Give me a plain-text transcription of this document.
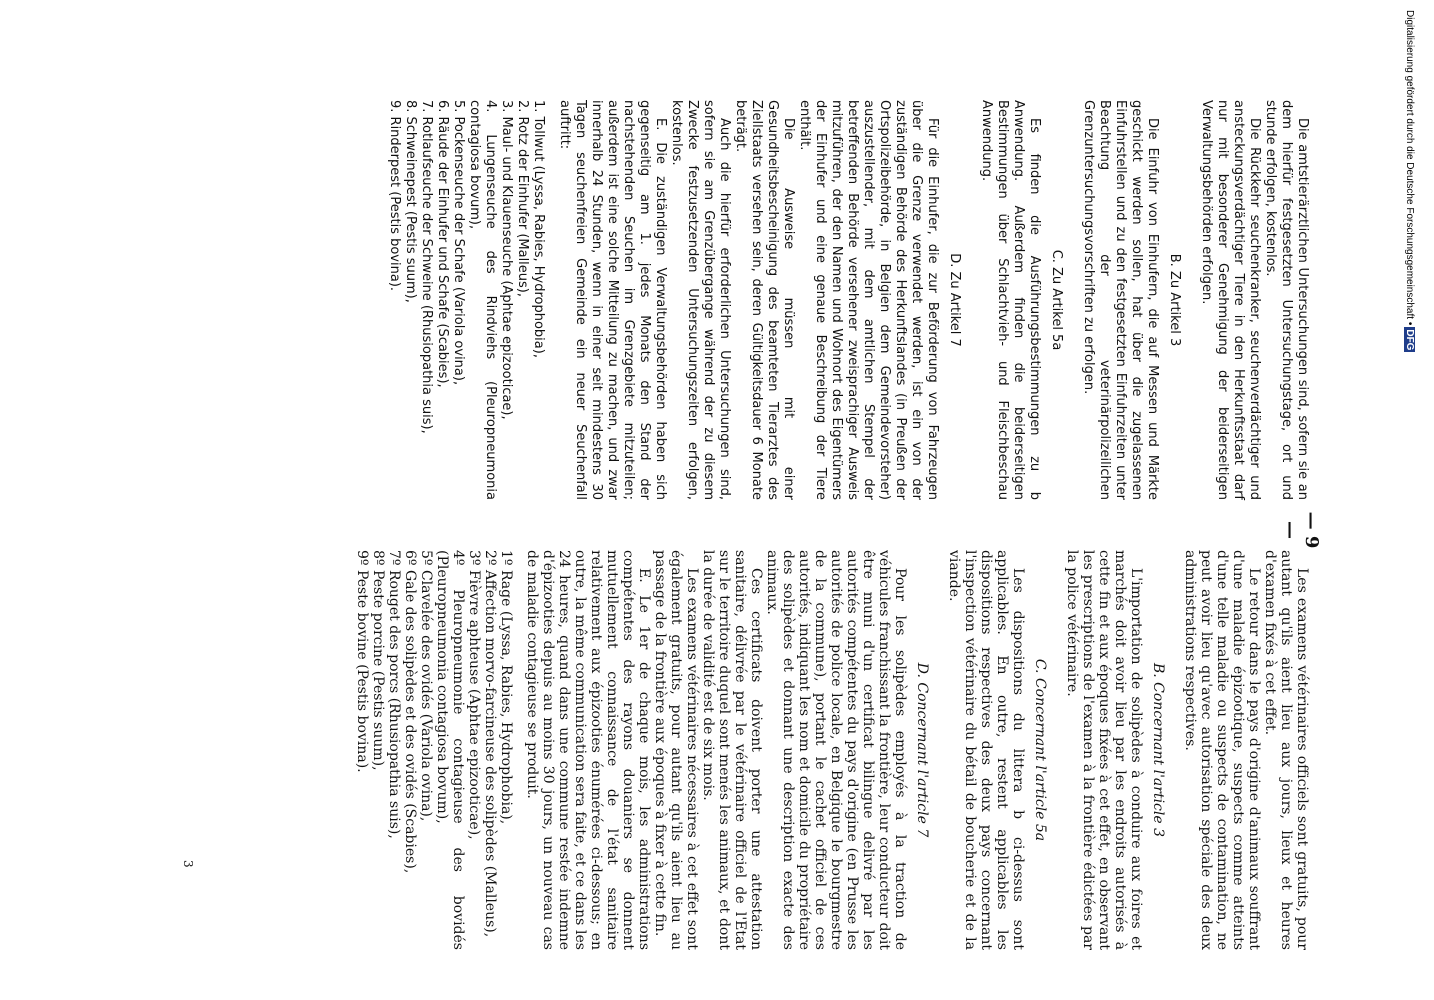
— 9 —

Die amtstierärztlichen Untersuchungen sind, sofern sie an dem hierfür festgesetzten Untersuchungstage, ort und stunde erfolgen, kostenlos.

Die Rückkehr seuchenkranker, seuchenverdächtiger und ansteckungsverdächtiger Tiere in den Herkunftsstaat darf nur mit besonderer Genehmigung der beiderseitigen Verwaltungsbehörden erfolgen.

B. Zu Artikel 3

Die Einfuhr von Einhufern, die auf Messen und Märkte geschickt werden sollen, hat über die zugelassenen Einfuhrstellen und zu den festgesetzten Einfuhrzeiten unter Beachtung der veterinärpolizeilichen Grenzuntersuchungsvorschriften zu erfolgen.

C. Zu Artikel 5a

Es finden die Ausführungsbestimmungen zu b Anwendung. Außerdem finden die beiderseitigen Bestimmungen über Schlachtvieh- und Fleischbeschau Anwendung.

D. Zu Artikel 7

Für die Einhufer, die zur Beförderung von Fahrzeugen über die Grenze verwendet werden, ist ein von der zuständigen Behörde des Herkunftslandes (in Preußen der Ortspolizeibehörde, in Belgien dem Gemeindevorsteher) auszustellender, mit dem amtlichen Stempel der betreffenden Behörde versehener zweisprachiger Ausweis mitzuführen, der den Namen und Wohnort des Eigentümers der Einhufer und eine genaue Beschreibung der Tiere enthält.

Die Ausweise müssen mit einer Gesundheitsbescheinigung des beamteten Tierarztes des Ziellstaats versehen sein, deren Gültigkeitsdauer 6 Monate beträgt.

Auch die hierfür erforderlichen Untersuchungen sind, sofern sie am Grenzübergange während der zu diesem Zwecke festzusetzenden Untersuchungszeiten erfolgen, kostenlos.

E. Die zuständigen Verwaltungsbehörden haben sich gegenseitig am 1. jedes Monats den Stand der nachstehenden Seuchen im Grenzgebiete mitzuteilen; außerdem ist eine solche Mitteilung zu machen, und zwar innerhalb 24 Stunden, wenn in einer seit mindestens 30 Tagen seuchenfreien Gemeinde ein neuer Seuchenfall auftritt:

1. Tollwut (Lyssa, Rabies, Hydrophobia),
2. Rotz der Einhufer (Malleus),
3. Maul- und Klauenseuche (Aphtae epizooticae),
4. Lungenseuche des Rindviehs (Pleuropneumonia contagiosa bovum),
5. Pockenseuche der Schafe (Variola ovina),
6. Räude der Einhufer und Schafe (Scabies),
7. Rotlaufseuche der Schweine (Rhusiopathia suis),
8. Schweinepest (Pestis suum),
9. Rinderpest (Pestis bovina).

Les examens vétérinaires officiels sont gratuits, pour autant qu'ils aient lieu aux jours, lieux et heures d'examen fixés à cet effet.

Le retour dans le pays d'origine d'animaux souffrant d'une maladie épizootique, suspects comme atteints d'une telle maladie ou suspects de contamination, ne peut avoir lieu qu'avec autorisation spéciale des deux administrations respectives.

B. Concernant l'article 3

L'importation de solipèdes à conduire aux foires et marchés doit avoir lieu par les endroits autorisés à cette fin et aux époques fixées à cet effet, en observant les prescriptions de l'examen à la frontière édictées par la police vétérinaire.

C. Concernant l'article 5a

Les dispositions du littera b ci-dessus sont applicables. En outre, restent applicables les dispositions respectives des deux pays concernant l'inspection vétérinaire du bétail de boucherie et de la viande.

D. Concernant l'article 7

Pour les solipèdes employés à la traction de véhicules franchissant la frontière, leur conducteur doit être muni d'un certificat bilingue delivré par les autorités compétentes du pays d'origine (en Prusse les autorités de police locale, en Belgique le bourgmestre de la commune), portant le cachet officiel de ces autorités, indiquant les nom et domicile du propriétaire des solipèdes et donnant une description exacte des animaux.

Ces certificats doivent porter une attestation sanitaire, délivrée par le vétérinaire officiel de l'Etat sur le territoire duquel sont menés les animaux, et dont la durée de validité est de six mois.

Les examens vétérinaires nécessaires à cet effet sont également gratuits, pour autant qu'ils aient lieu au passage de la frontière aux époques à fixer à cette fin.

E. Le 1er de chaque mois, les administrations compétentes des rayons douaniers se donnent mutuellement connaissance de l'état sanitaire relativement aux épizooties énumérées ci-dessous; en outre, la même communication sera faite, et ce dans les 24 heures, quand dans une commune restée indemne d'épizooties depuis au moins 30 jours, un nouveau cas de maladie contagieuse se produit.

1º Rage (Lyssa, Rabies, Hydrophobia),
2º Affection morvo-farcineuse des solipèdes (Malleus),
3º Fièvre aphteuse (Aphtae epizooticae),
4º Pleuropneumonie contagieuse des bovidés (Pleuropneumonia contagiosa bovum),
5º Clavelée des ovidés (Variola ovina),
6º Gale des solipèdes et des ovidés (Scabies),
7º Rouget des porcs (Rhusiopathia suis),
8º Peste porcine (Pestis suum),
9º Peste bovine (Pestis bovina).
3
Digitalisierung gefördert durch die Deutsche Forschungsgemeinschaft •DFG
